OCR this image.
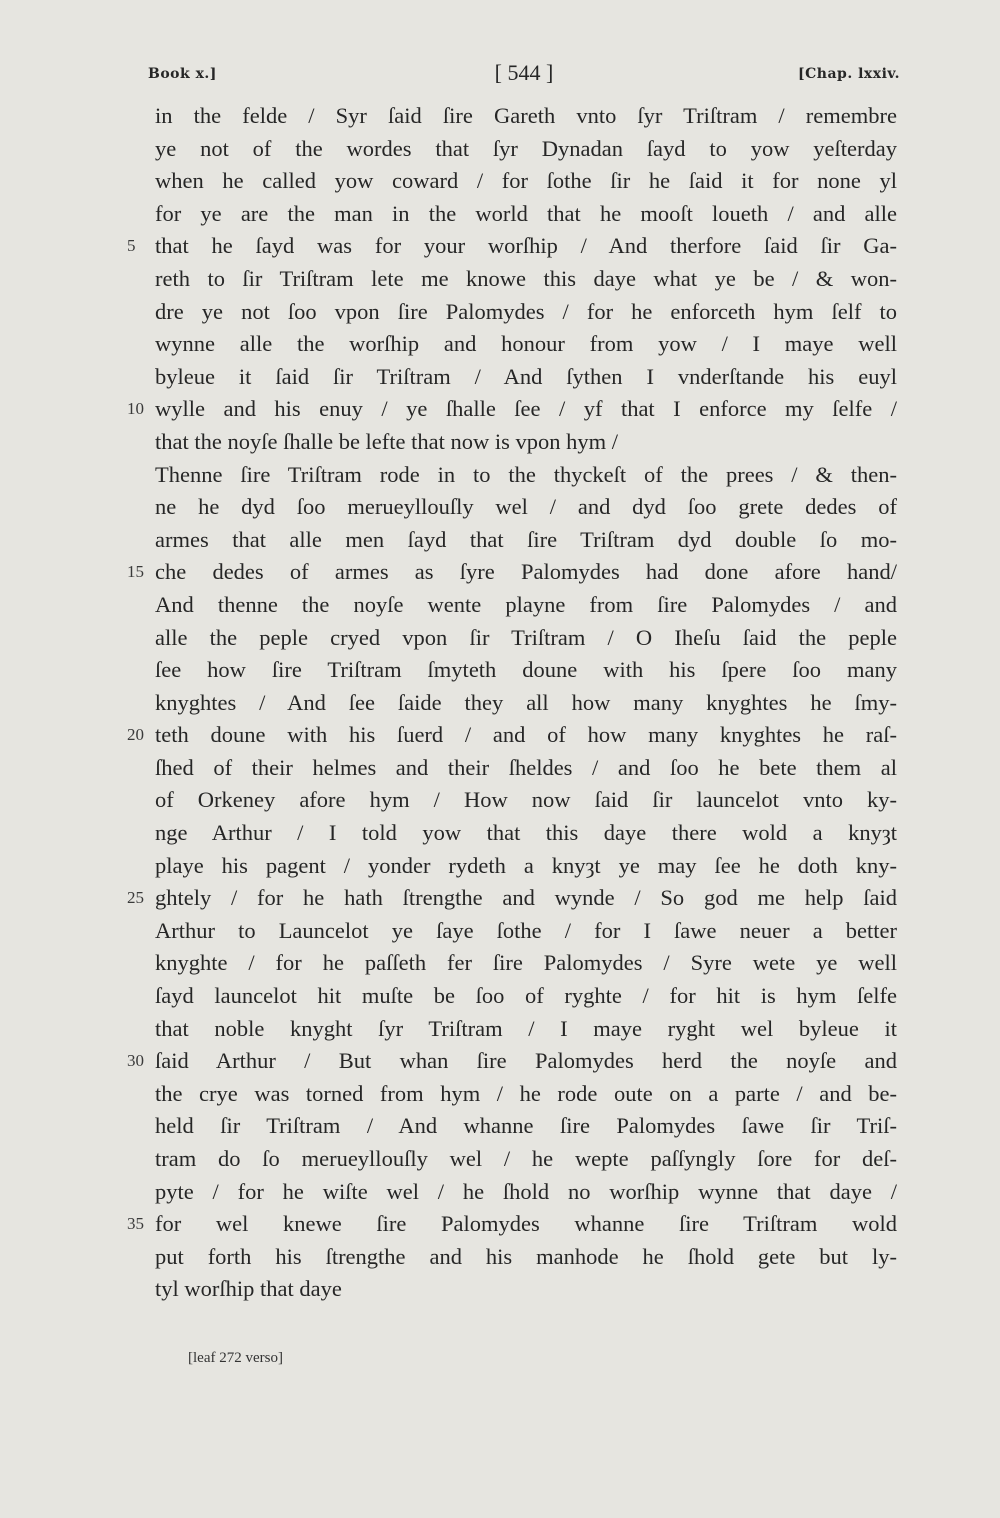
Book x.]	[ 544 ]	[Chap. lxxiv.
in the felde / Syr ſaid ſire Gareth vnto ſyr Triſtram / remembre
ye not of the wordes that ſyr Dynadan ſayd to yow yeſterday
when he called yow coward / for ſothe ſir he ſaid it for none yl
for ye are the man in the world that he mooſt loueth / and alle
5 that he ſayd was for your worſhip / And therfore ſaid ſir Ga-
reth to ſir Triſtram lete me knowe this daye what ye be / & won-
dre ye not ſoo vpon ſire Palomydes / for he enforceth hym ſelf to
wynne alle the worſhip and honour from yow / I maye well
byleue it ſaid ſir Triſtram / And ſythen I vnderſtande his euyl
10 wylle and his enuy / ye ſhalle ſee / yf that I enforce my ſelfe /
that the noyſe ſhalle be lefte that now is vpon hym /
Thenne ſire Triſtram rode in to the thyckeſt of the prees / & then-
ne he dyd ſoo merueyllouſly wel / and dyd ſoo grete dedes of
armes that alle men ſayd that ſire Triſtram dyd double ſo mo-
15 che dedes of armes as ſyre Palomydes had done afore hand/
And thenne the noyſe wente playne from ſire Palomydes / and
alle the peple cryed vpon ſir Triſtram / O Iheſu ſaid the peple
ſee how ſire Triſtram ſmyteth doune with his ſpere ſoo many
knyghtes / And ſee ſaide they all how many knyghtes he ſmy-
20 teth doune with his ſuerd / and of how many knyghtes he raſ-
ſhed of their helmes and their ſheldes / and ſoo he bete them al
of Orkeney afore hym / How now ſaid ſir launcelot vnto ky-
nge Arthur / I told yow that this daye there wold a knyȝt
playe his pagent / yonder rydeth a knyȝt ye may ſee he doth kny-
25 ghtely / for he hath ſtrengthe and wynde / So god me help ſaid
Arthur to Launcelot ye ſaye ſothe / for I ſawe neuer a better
knyghte / for he paſſeth fer ſire Palomydes / Syre wete ye well
ſayd launcelot hit muſte be ſoo of ryghte / for hit is hym ſelfe
that noble knyght ſyr Triſtram / I maye ryght wel byleue it
30 ſaid Arthur / But whan ſire Palomydes herd the noyſe and
the crye was torned from hym / he rode oute on a parte / and be-
held ſir Triſtram / And whanne ſire Palomydes ſawe ſir Triſ-
tram do ſo merueyllouſly wel / he wepte paſſyngly ſore for deſ-
pyte / for he wiſte wel / he ſhold no worſhip wynne that daye /
35 for wel knewe ſire Palomydes whanne ſire Triſtram wold
put forth his ſtrengthe and his manhode he ſhold gete but ly-
tyl worſhip that daye
[leaf 272 verso]
